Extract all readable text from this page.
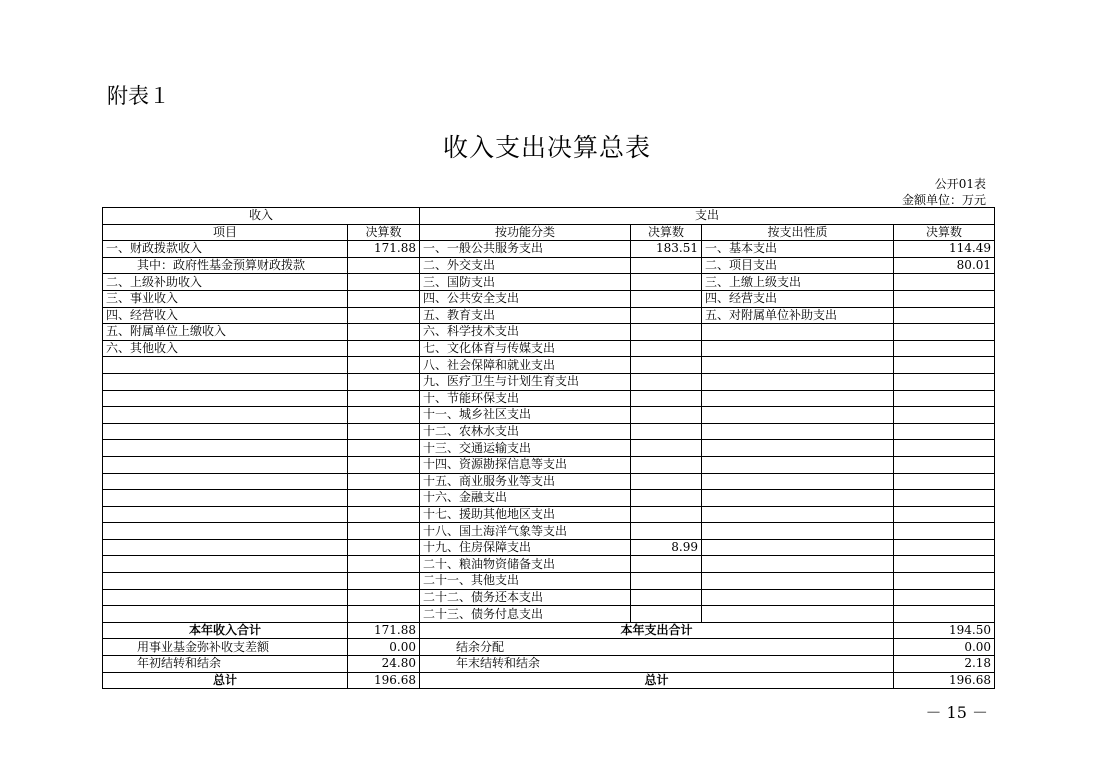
附表１
收入支出决算总表
公开01表
金额单位：万元
收入		支出			
项目	决算数	按功能分类	决算数	按支出性质	决算数
一、财政拨款收入	171.88	一、一般公共服务支出	183.51	一、基本支出	114.49
其中：政府性基金预算财政拨款		二、外交支出		二、项目支出	80.01
二、上级补助收入		三、国防支出		三、上缴上级支出	
三、事业收入		四、公共安全支出		四、经营支出	
四、经营收入		五、教育支出		五、对附属单位补助支出	
五、附属单位上缴收入		六、科学技术支出			
六、其他收入		七、文化体育与传媒支出			
		八、社会保障和就业支出			
		九、医疗卫生与计划生育支出			
		十、节能环保支出			
		十一、城乡社区支出			
		十二、农林水支出			
		十三、交通运输支出			
		十四、资源勘探信息等支出			
		十五、商业服务业等支出			
		十六、金融支出			
		十七、援助其他地区支出			
		十八、国土海洋气象等支出			
		十九、住房保障支出	8.99		
		二十、粮油物资储备支出			
		二十一、其他支出			
		二十二、债务还本支出			
		二十三、债务付息支出			
本年收入合计	171.88	本年支出合计			194.50
用事业基金弥补收支差额	0.00	结余分配			0.00
年初结转和结余	24.80	年末结转和结余			2.18
总计	196.68	总计			196.68
－ 15 －
